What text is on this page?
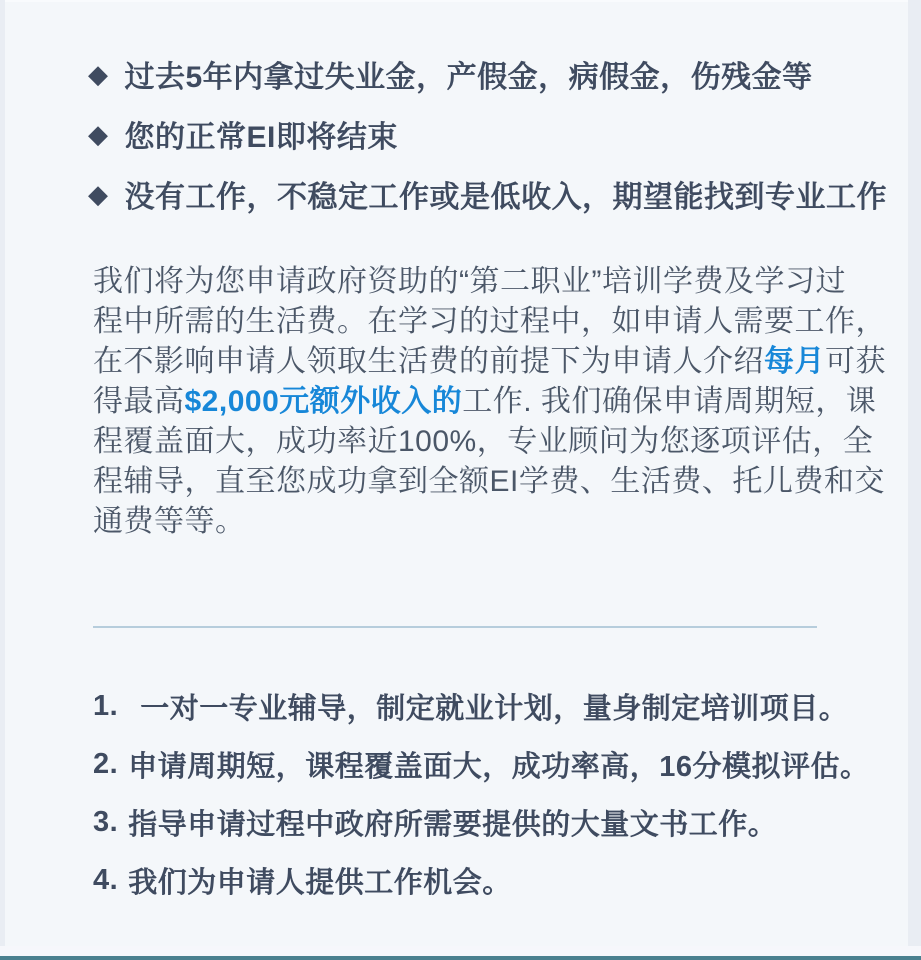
◆ 过去5年内拿过失业金，产假金，病假金，伤残金等
◆ 您的正常EI即将结束
◆ 没有工作，不稳定工作或是低收入，期望能找到专业工作
我们将为您申请政府资助的“第二职业”培训学费及学习过
程中所需的生活费。在学习的过程中，如申请人需要工作，
在不影响申请人领取生活费的前提下为申请人介绍每月可获
得最高$2,000元额外收入的工作. 我们确保申请周期短，课
程覆盖面大，成功率近100%，专业顾问为您逐项评估，全
程辅导，直至您成功拿到全额EI学费、生活费、托儿费和交
通费等等。
1. 一对一专业辅导，制定就业计划，量身制定培训项目。
2. 申请周期短，课程覆盖面大，成功率高，16分模拟评估。
3. 指导申请过程中政府所需要提供的大量文书工作。
4. 我们为申请人提供工作机会。
